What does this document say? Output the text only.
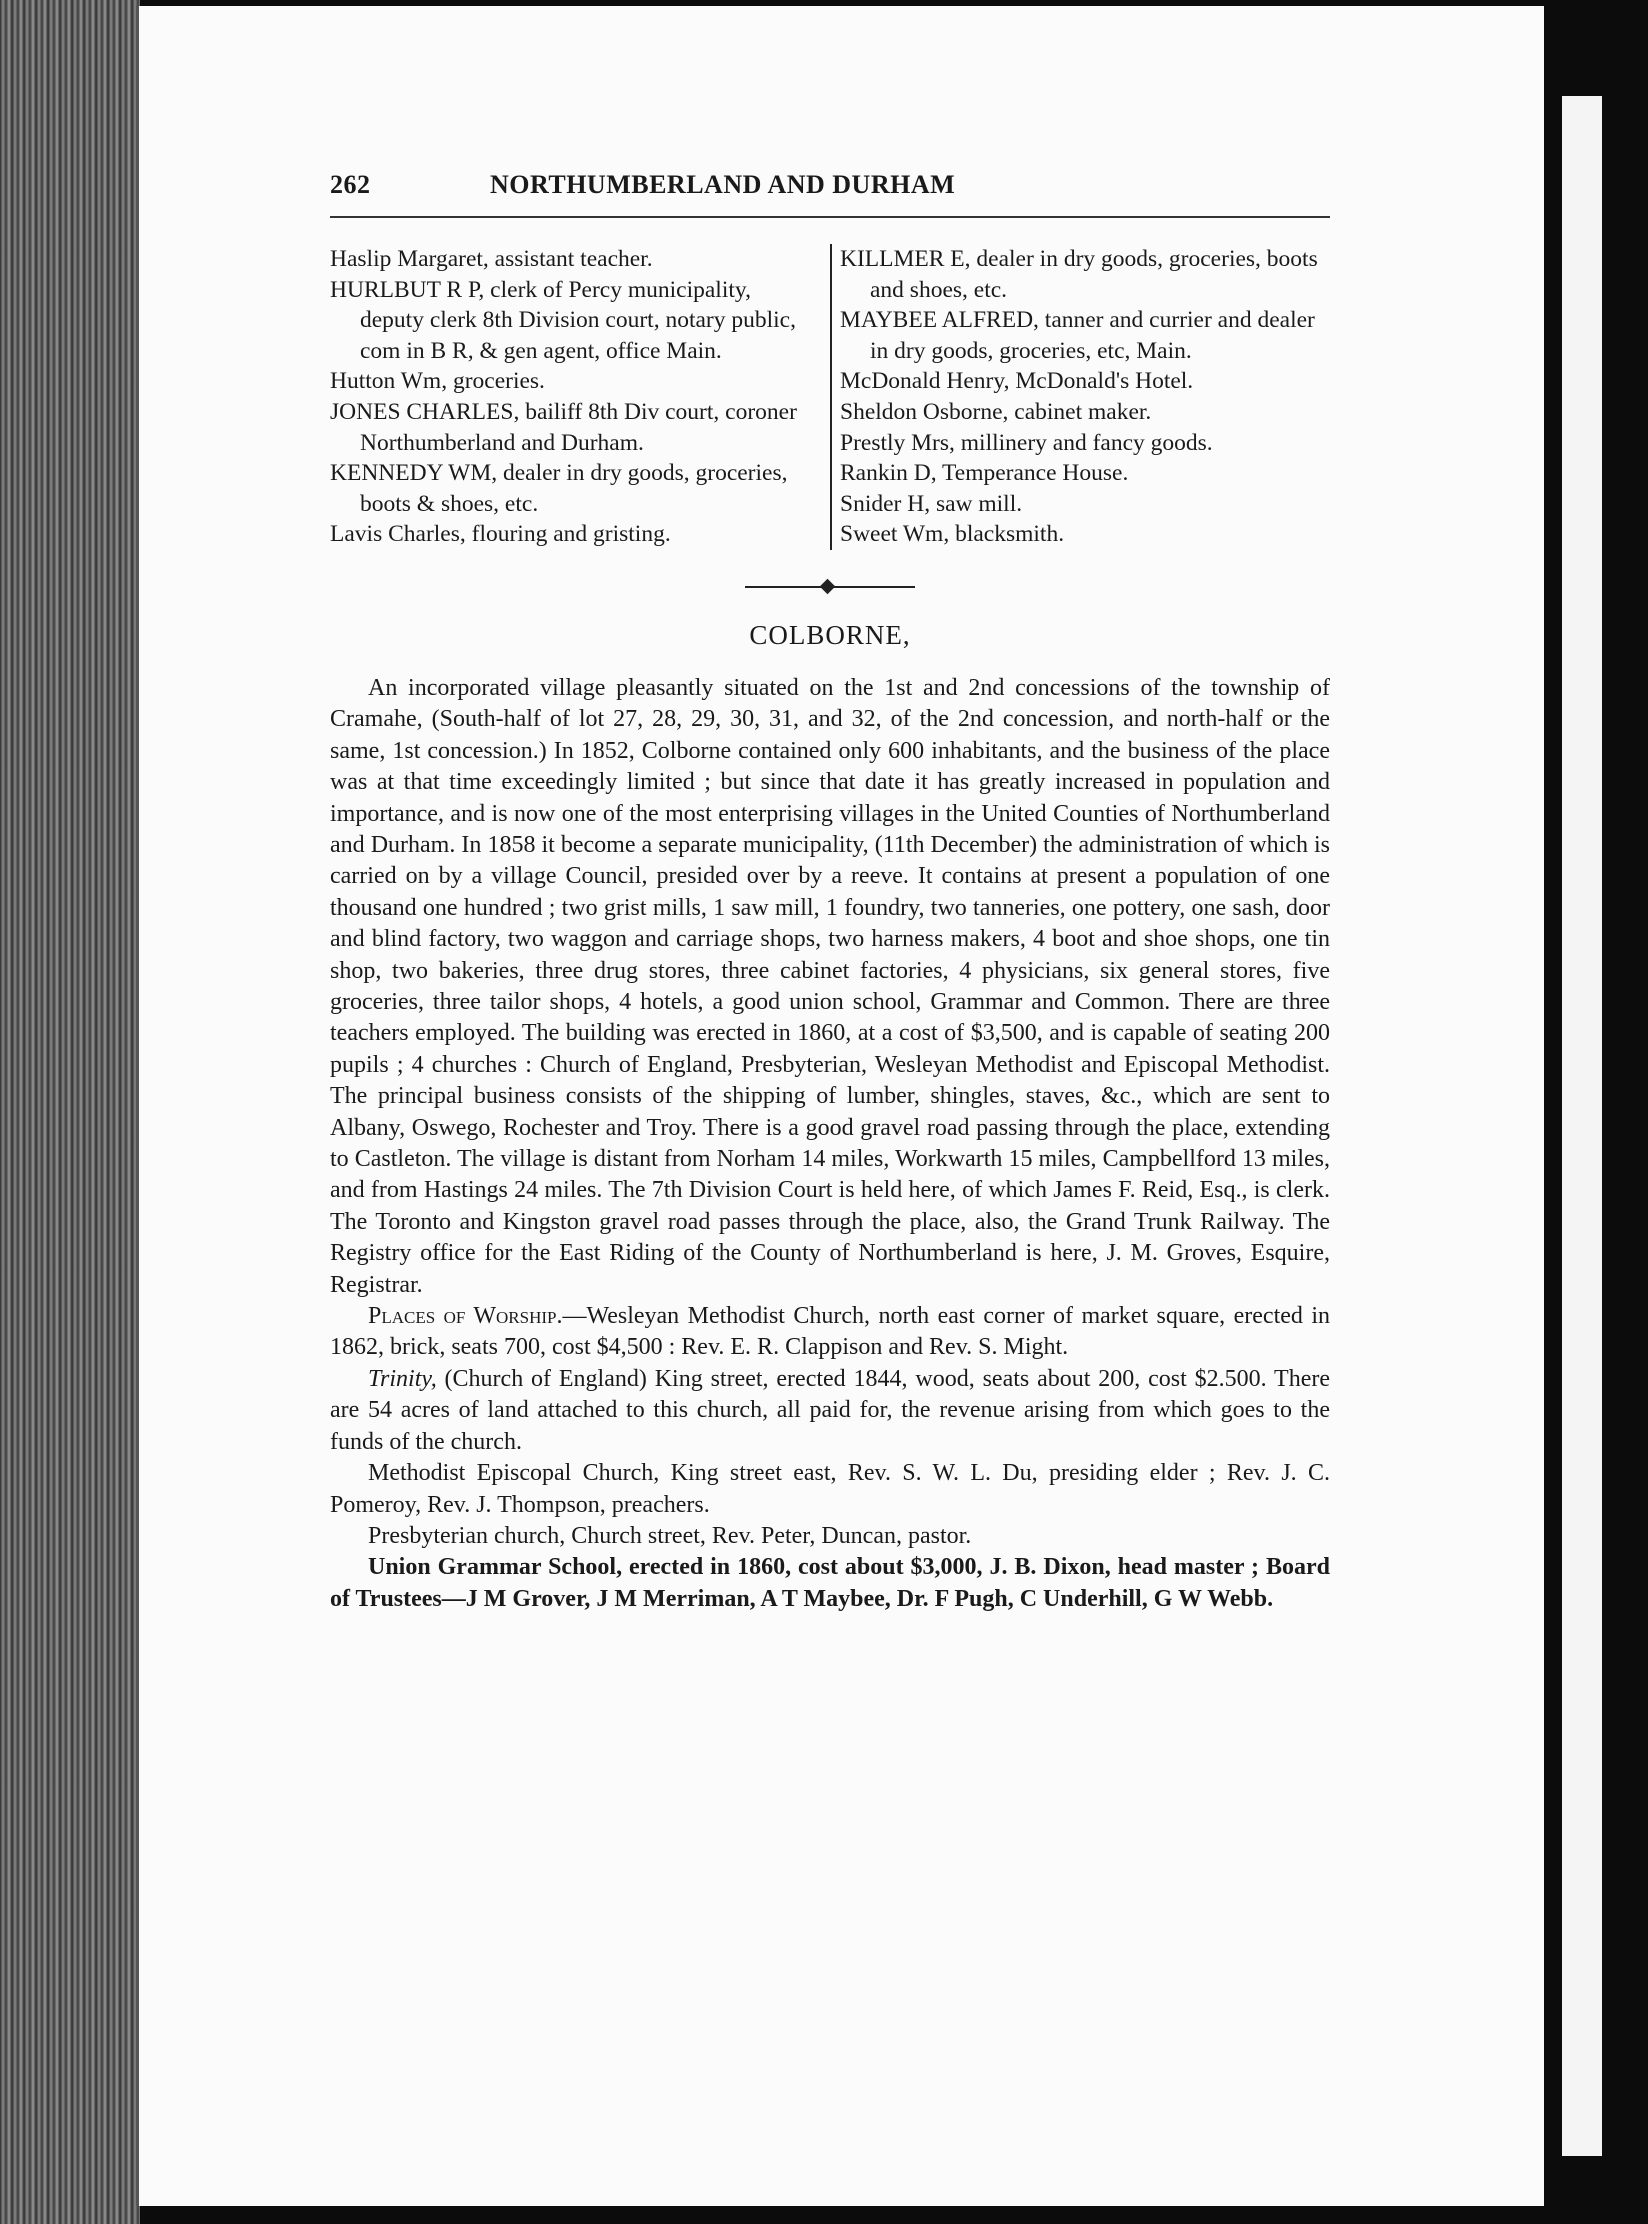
262	NORTHUMBERLAND AND DURHAM
Haslip Margaret, assistant teacher.
HURLBUT R P, clerk of Percy municipality, deputy clerk 8th Division court, notary public, com in B R, & gen agent, office Main.
Hutton Wm, groceries.
JONES CHARLES, bailiff 8th Div court, coroner Northumberland and Durham.
KENNEDY WM, dealer in dry goods, groceries, boots & shoes, etc.
Lavis Charles, flouring and gristing.
KILLMER E, dealer in dry goods, groceries, boots and shoes, etc.
MAYBEE ALFRED, tanner and currier and dealer in dry goods, groceries, etc, Main.
McDonald Henry, McDonald's Hotel.
Sheldon Osborne, cabinet maker.
Prestly Mrs, millinery and fancy goods.
Rankin D, Temperance House.
Snider H, saw mill.
Sweet Wm, blacksmith.
COLBORNE,

An incorporated village pleasantly situated on the 1st and 2nd concessions of the township of Cramahe, (South-half of lot 27, 28, 29, 30, 31, and 32, of the 2nd concession, and north-half or the same, 1st concession.) In 1852, Colborne contained only 600 inhabitants, and the business of the place was at that time exceedingly limited ; but since that date it has greatly increased in population and importance, and is now one of the most enterprising villages in the United Counties of Northumberland and Durham. In 1858 it become a separate municipality, (11th December) the administration of which is carried on by a village Council, presided over by a reeve. It contains at present a population of one thousand one hundred ; two grist mills, 1 saw mill, 1 foundry, two tanneries, one pottery, one sash, door and blind factory, two waggon and carriage shops, two harness makers, 4 boot and shoe shops, one tin shop, two bakeries, three drug stores, three cabinet factories, 4 physicians, six general stores, five groceries, three tailor shops, 4 hotels, a good union school, Grammar and Common. There are three teachers employed. The building was erected in 1860, at a cost of $3,500, and is capable of seating 200 pupils ; 4 churches : Church of England, Presbyterian, Wesleyan Methodist and Episcopal Methodist. The principal business consists of the shipping of lumber, shingles, staves, &c., which are sent to Albany, Oswego, Rochester and Troy. There is a good gravel road passing through the place, extending to Castleton. The village is distant from Norham 14 miles, Workwarth 15 miles, Campbellford 13 miles, and from Hastings 24 miles. The 7th Division Court is held here, of which James F. Reid, Esq., is clerk. The Toronto and Kingston gravel road passes through the place, also, the Grand Trunk Railway. The Registry office for the East Riding of the County of Northumberland is here, J. M. Groves, Esquire, Registrar.

Places of Worship.—Wesleyan Methodist Church, north east corner of market square, erected in 1862, brick, seats 700, cost $4,500 : Rev. E. R. Clappison and Rev. S. Might.

Trinity, (Church of England) King street, erected 1844, wood, seats about 200, cost $2.500. There are 54 acres of land attached to this church, all paid for, the revenue arising from which goes to the funds of the church.

Methodist Episcopal Church, King street east, Rev. S. W. L. Du, presiding elder ; Rev. J. C. Pomeroy, Rev. J. Thompson, preachers.

Presbyterian church, Church street, Rev. Peter, Duncan, pastor.

Union Grammar School, erected in 1860, cost about $3,000, J. B. Dixon, head master ; Board of Trustees—J M Grover, J M Merriman, A T Maybee, Dr. F Pugh, C Underhill, G W Webb.
